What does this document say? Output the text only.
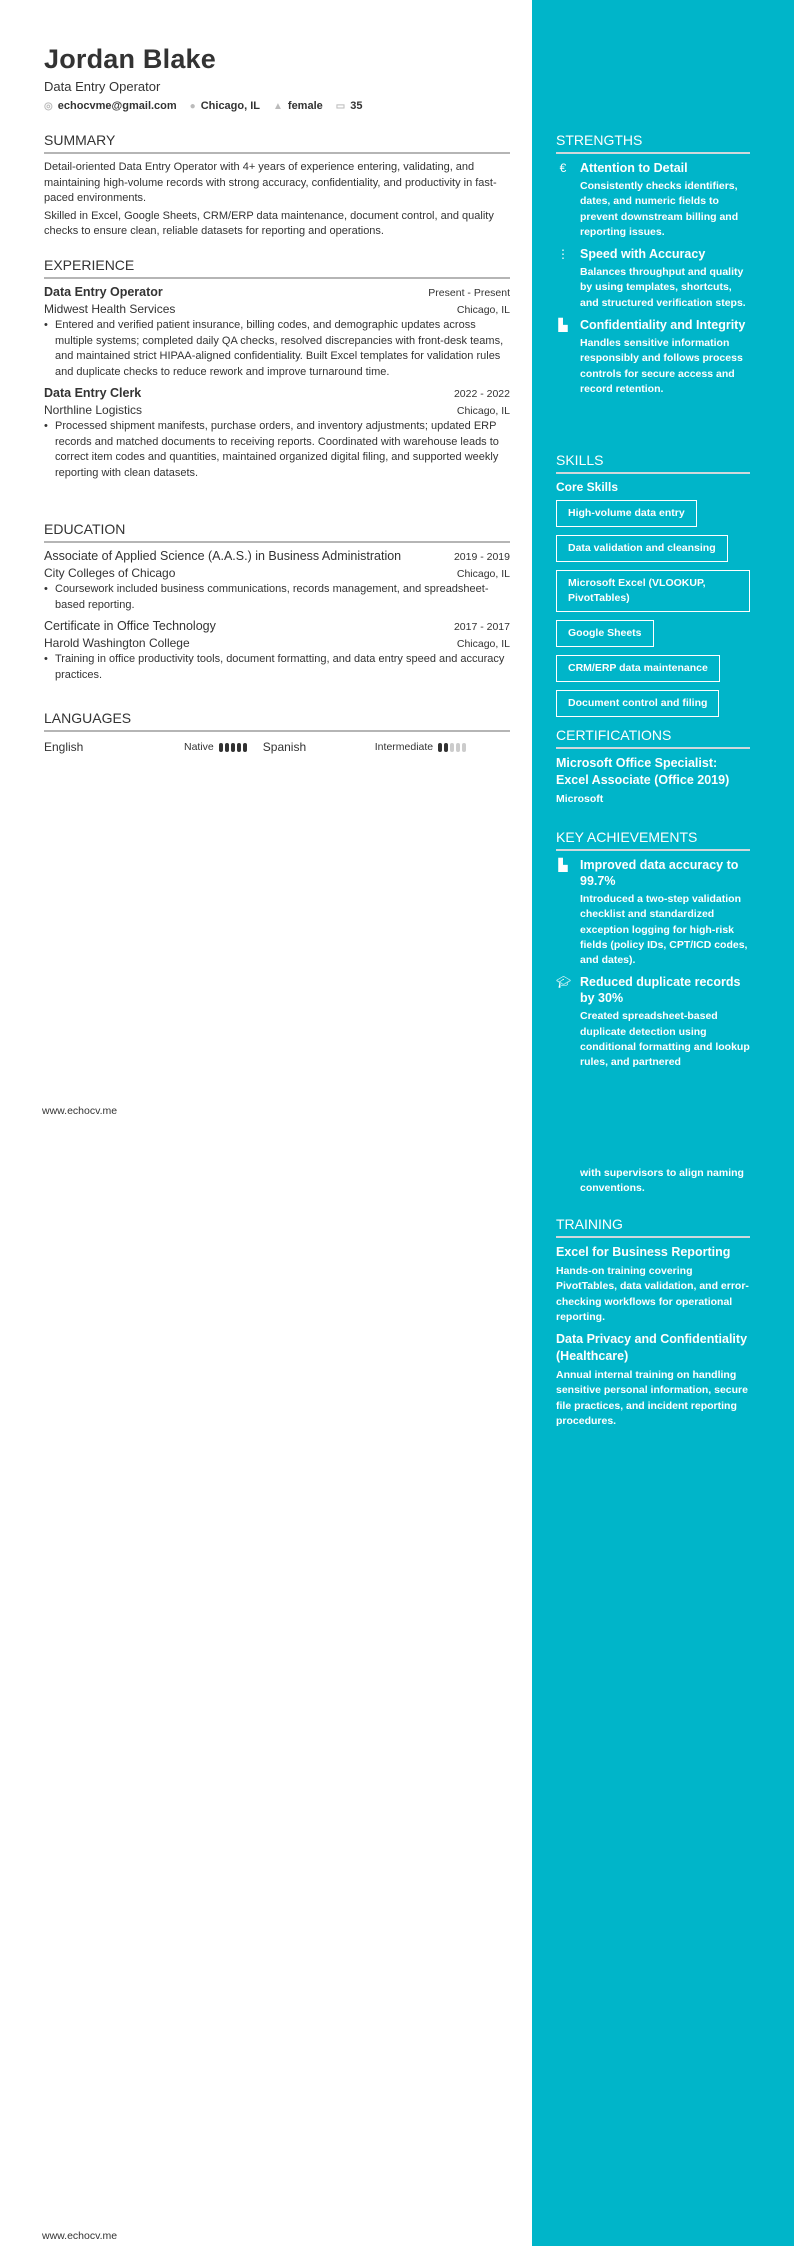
Jordan Blake
Data Entry Operator
◎ echocvme@gmail.com ● Chicago, IL ▲ female ▭ 35
SUMMARY
Detail-oriented Data Entry Operator with 4+ years of experience entering, validating, and maintaining high-volume records with strong accuracy, confidentiality, and productivity in fast-paced environments.
Skilled in Excel, Google Sheets, CRM/ERP data maintenance, document control, and quality checks to ensure clean, reliable datasets for reporting and operations.
EXPERIENCE
Data Entry Operator	Present - Present
Midwest Health Services	Chicago, IL
• Entered and verified patient insurance, billing codes, and demographic updates across multiple systems; completed daily QA checks, resolved discrepancies with front-desk teams, and maintained strict HIPAA-aligned confidentiality. Built Excel templates for validation rules and duplicate checks to reduce rework and improve turnaround time.
Data Entry Clerk	2022 - 2022
Northline Logistics	Chicago, IL
• Processed shipment manifests, purchase orders, and inventory adjustments; updated ERP records and matched documents to receiving reports. Coordinated with warehouse leads to correct item codes and quantities, maintained organized digital filing, and supported weekly reporting with clean datasets.
EDUCATION
Associate of Applied Science (A.A.S.) in Business Administration	2019 - 2019
City Colleges of Chicago	Chicago, IL
• Coursework included business communications, records management, and spreadsheet-based reporting.
Certificate in Office Technology	2017 - 2017
Harold Washington College	Chicago, IL
• Training in office productivity tools, document formatting, and data entry speed and accuracy practices.
LANGUAGES
English	Native	Spanish	Intermediate
www.echocv.me
www.echocv.me
STRENGTHS
€ Attention to Detail
Consistently checks identifiers, dates, and numeric fields to prevent downstream billing and reporting issues.
⋮ Speed with Accuracy
Balances throughput and quality by using templates, shortcuts, and structured verification steps.
▙ Confidentiality and Integrity
Handles sensitive information responsibly and follows process controls for secure access and record retention.
SKILLS
Core Skills
High-volume data entry
Data validation and cleansing
Microsoft Excel (VLOOKUP, PivotTables)
Google Sheets
CRM/ERP data maintenance
Document control and filing
CERTIFICATIONS
Microsoft Office Specialist: Excel Associate (Office 2019)
Microsoft
KEY ACHIEVEMENTS
▙ Improved data accuracy to 99.7%
Introduced a two-step validation checklist and standardized exception logging for high-risk fields (policy IDs, CPT/ICD codes, and dates).
🎓︎ Reduced duplicate records by 30%
Created spreadsheet-based duplicate detection using conditional formatting and lookup rules, and partnered
with supervisors to align naming conventions.
TRAINING
Excel for Business Reporting
Hands-on training covering PivotTables, data validation, and error-checking workflows for operational reporting.
Data Privacy and Confidentiality (Healthcare)
Annual internal training on handling sensitive personal information, secure file practices, and incident reporting procedures.
